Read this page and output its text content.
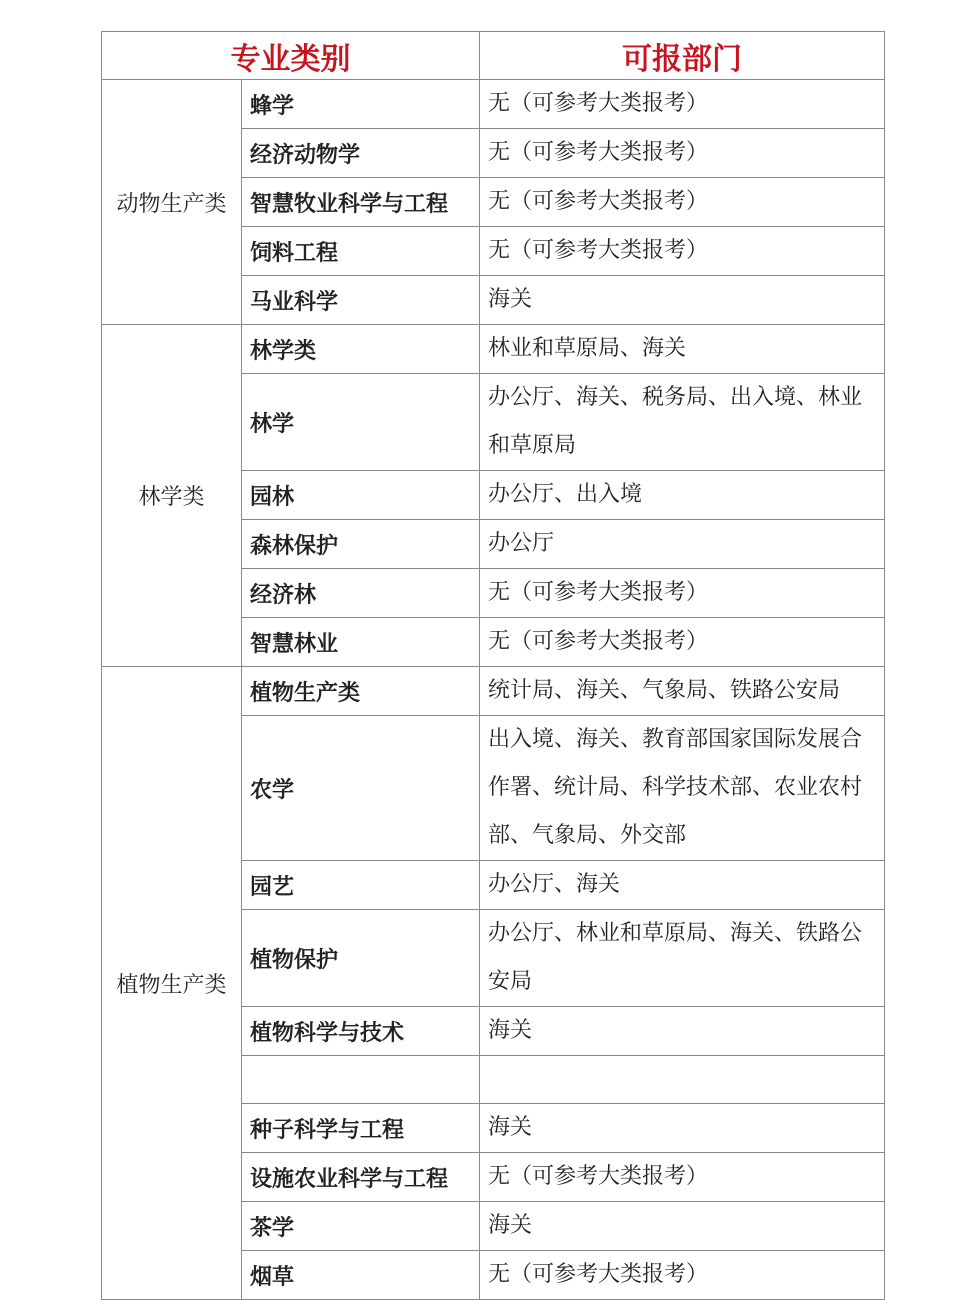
专业类别		可报部门
动物生产类	蜂学	无（可参考大类报考）
	经济动物学	无（可参考大类报考）
	智慧牧业科学与工程	无（可参考大类报考）
	饲料工程	无（可参考大类报考）
	马业科学	海关
林学类	林学类	林业和草原局、海关
	林学	办公厅、海关、税务局、出入境、林业和草原局
	园林	办公厅、出入境
	森林保护	办公厅
	经济林	无（可参考大类报考）
	智慧林业	无（可参考大类报考）
植物生产类	植物生产类	统计局、海关、气象局、铁路公安局
	农学	出入境、海关、教育部国家国际发展合作署、统计局、科学技术部、农业农村部、气象局、外交部
	园艺	办公厅、海关
	植物保护	办公厅、林业和草原局、海关、铁路公安局
	植物科学与技术	海关

	种子科学与工程	海关
	设施农业科学与工程	无（可参考大类报考）
	茶学	海关
	烟草	无（可参考大类报考）
